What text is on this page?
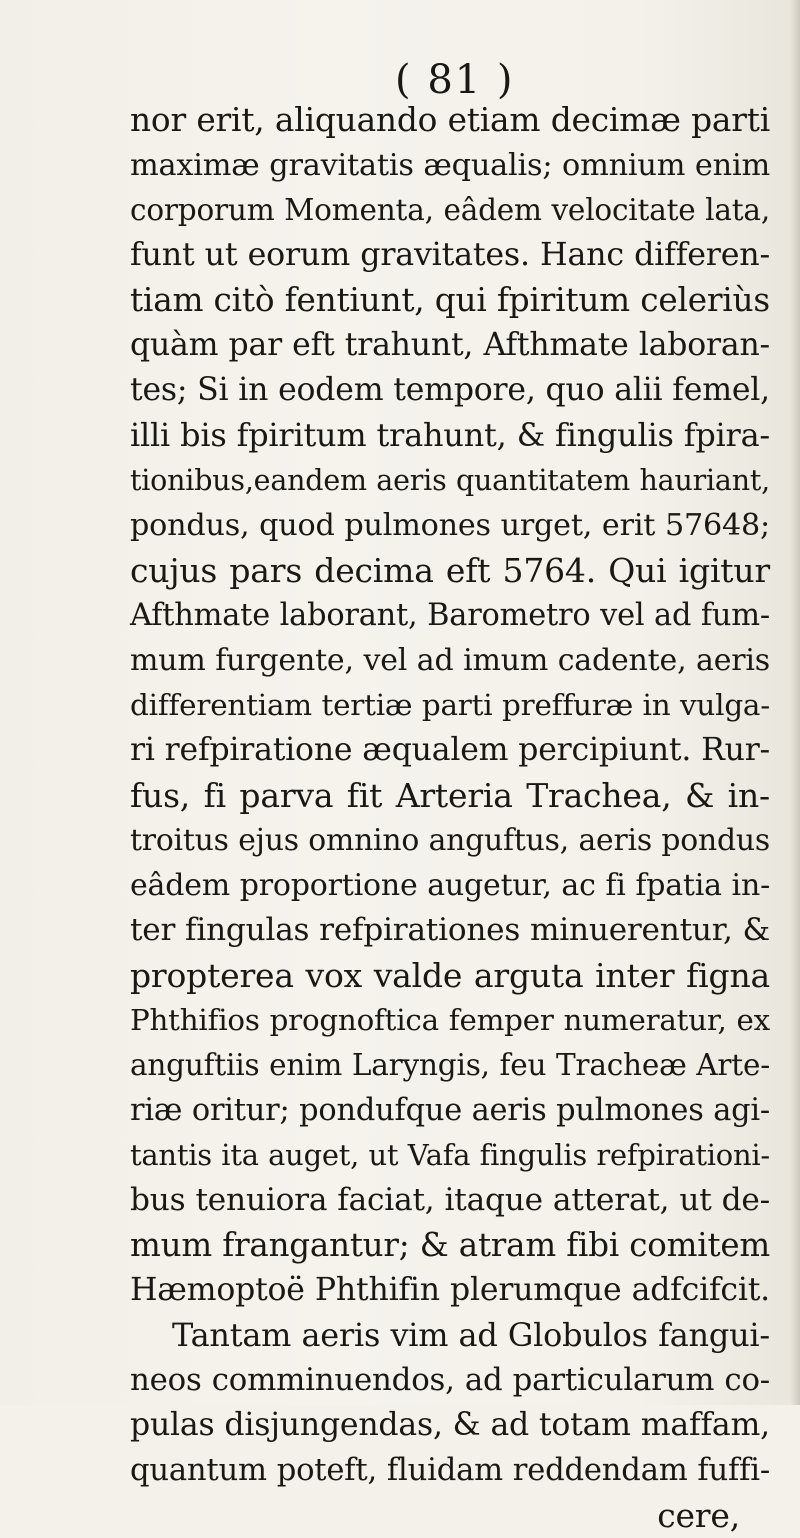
( 81 )
nor erit, aliquando etiam decimæ parti
maximæ gravitatis æqualis; omnium enim
corporum Momenta, eâdem velocitate lata,
funt ut eorum gravitates. Hanc differen-
tiam citò fentiunt, qui fpiritum celeriùs
quàm par eft trahunt, Afthmate laboran-
tes; Si in eodem tempore, quo alii femel,
illi bis fpiritum trahunt, & fingulis fpira-
tionibus,eandem aeris quantitatem hauriant,
pondus, quod pulmones urget, erit 57648;
cujus pars decima eft 5764. Qui igitur
Afthmate laborant, Barometro vel ad fum-
mum furgente, vel ad imum cadente, aeris
differentiam tertiæ parti preffuræ in vulga-
ri refpiratione æqualem percipiunt. Rur-
fus, fi parva fit Arteria Trachea, & in-
troitus ejus omnino anguftus, aeris pondus
eâdem proportione augetur, ac fi fpatia in-
ter fingulas refpirationes minuerentur, &
propterea vox valde arguta inter figna
Phthifios prognoftica femper numeratur, ex
anguftiis enim Laryngis, feu Tracheæ Arte-
riæ oritur; pondufque aeris pulmones agi-
tantis ita auget, ut Vafa fingulis refpirationi-
bus tenuiora faciat, itaque atterat, ut de-
mum frangantur; & atram fibi comitem
Hæmoptoë Phthifin plerumque adfcifcit.
Tantam aeris vim ad Globulos fangui-
neos comminuendos, ad particularum co-
pulas disjungendas, & ad totam maffam,
quantum poteft, fluidam reddendam fuffi-
cere,
